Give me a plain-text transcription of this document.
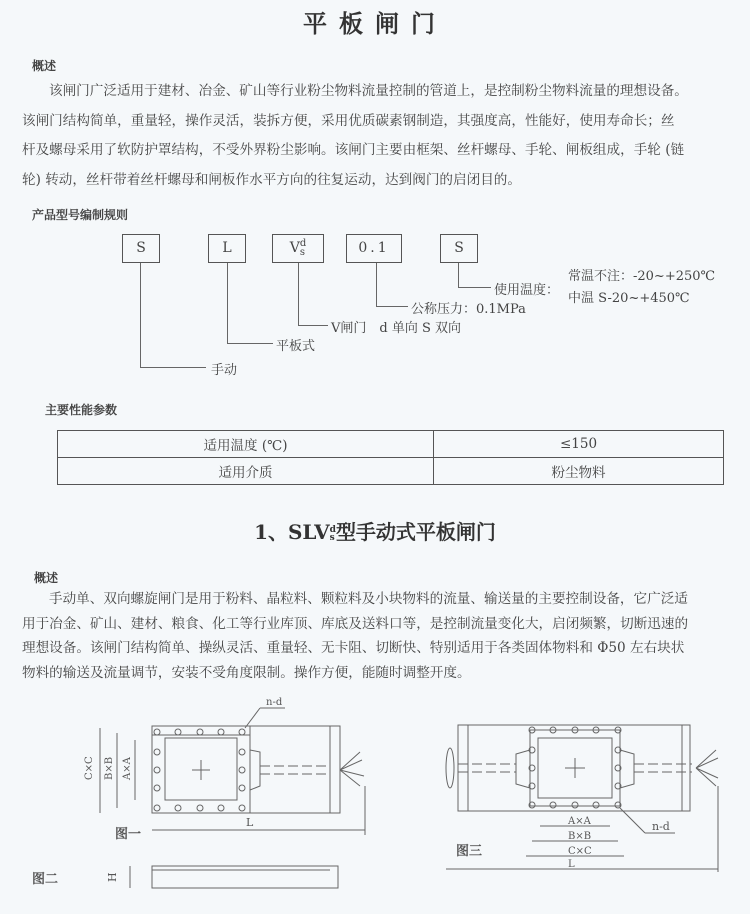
平板闸门
概述

该闸门广泛适用于建材、冶金、矿山等行业粉尘物料流量控制的管道上，是控制粉尘物料流量的理想设备。

该闸门结构简单，重量轻，操作灵活，装拆方便，采用优质碳素钢制造，其强度高，性能好，使用寿命长；丝

杆及螺母采用了软防护罩结构，不受外界粉尘影响。该闸门主要由框架、丝杆螺母、手轮、闸板组成，手轮 (链

轮) 转动，丝杆带着丝杆螺母和闸板作水平方向的往复运动，达到阀门的启闭目的。

产品型号编制规则
S	L	Vd
s	0.1	S
手动
平板式
V闸门　d 单向 S 双向
公称压力：0.1MPa
使用温度：
常温不注：-20~+250℃
中温 S-20~+450℃
主要性能参数
适用温度 (℃)	≤150
适用介质	粉尘物料
1、SLVd
s型手动式平板闸门
概述

手动单、双向螺旋闸门是用于粉料、晶粒料、颗粒料及小块物料的流量、输送量的主要控制设备，它广泛适

用于冶金、矿山、建材、粮食、化工等行业库顶、库底及送料口等，是控制流量变化大，启闭频繁，切断迅速的

理想设备。该闸门结构简单、操纵灵活、重量轻、无卡阻、切断快、特别适用于各类固体物料和 Φ50 左右块状

物料的输送及流量调节，安装不受角度限制。操作方便，能随时调整开度。

C×C B×B A×A
n-d
L
H
图一
图二
A×A
B×B
C×C
L
n-d
图三
